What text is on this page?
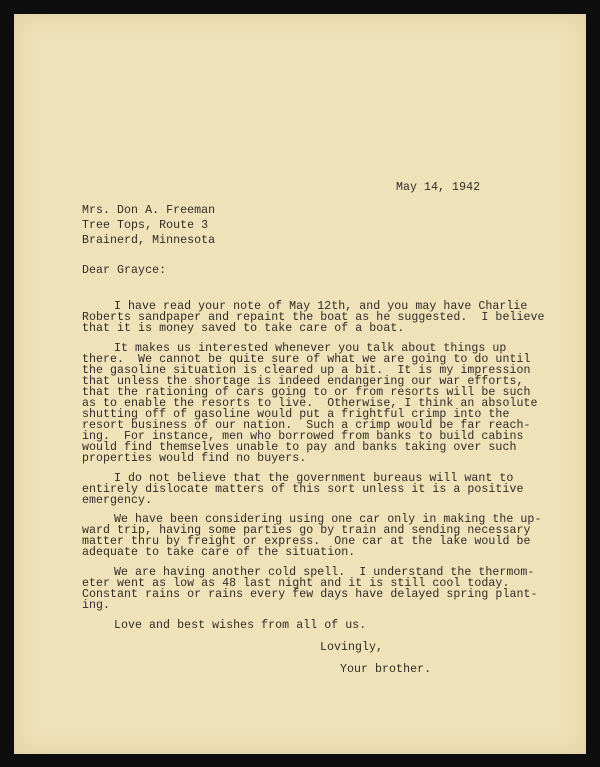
May 14, 1942
Mrs. Don A. Freeman
Tree Tops, Route 3
Brainerd, Minnesota
Dear Grayce:
I have read your note of May 12th, and you may have Charlie
Roberts sandpaper and repaint the boat as he suggested.  I believe
that it is money saved to take care of a boat.
It makes us interested whenever you talk about things up
there.  We cannot be quite sure of what we are going to do until
the gasoline situation is cleared up a bit.  It is my impression
that unless the shortage is indeed endangering our war efforts,
that the rationing of cars going to or from resorts will be such
as to enable the resorts to live.  Otherwise, I think an absolute
shutting off of gasoline would put a frightful crimp into the
resort business of our nation.  Such a crimp would be far reach-
ing.  For instance, men who borrowed from banks to build cabins
would find themselves unable to pay and banks taking over such
properties would find no buyers.
I do not believe that the government bureaus will want to
entirely dislocate matters of this sort unless it is a positive
emergency.
We have been considering using one car only in making the up-
ward trip, having some parties go by train and sending necessary
matter thru by freight or express.  One car at the lake would be
adequate to take care of the situation.
We are having another cold spell.  I understand the thermom-
eter went as low as 48 last night and it is still cool today.
Constant rains or rains every few days have delayed spring plant-
ing.
Love and best wishes from all of us.
Lovingly,
Your brother.
